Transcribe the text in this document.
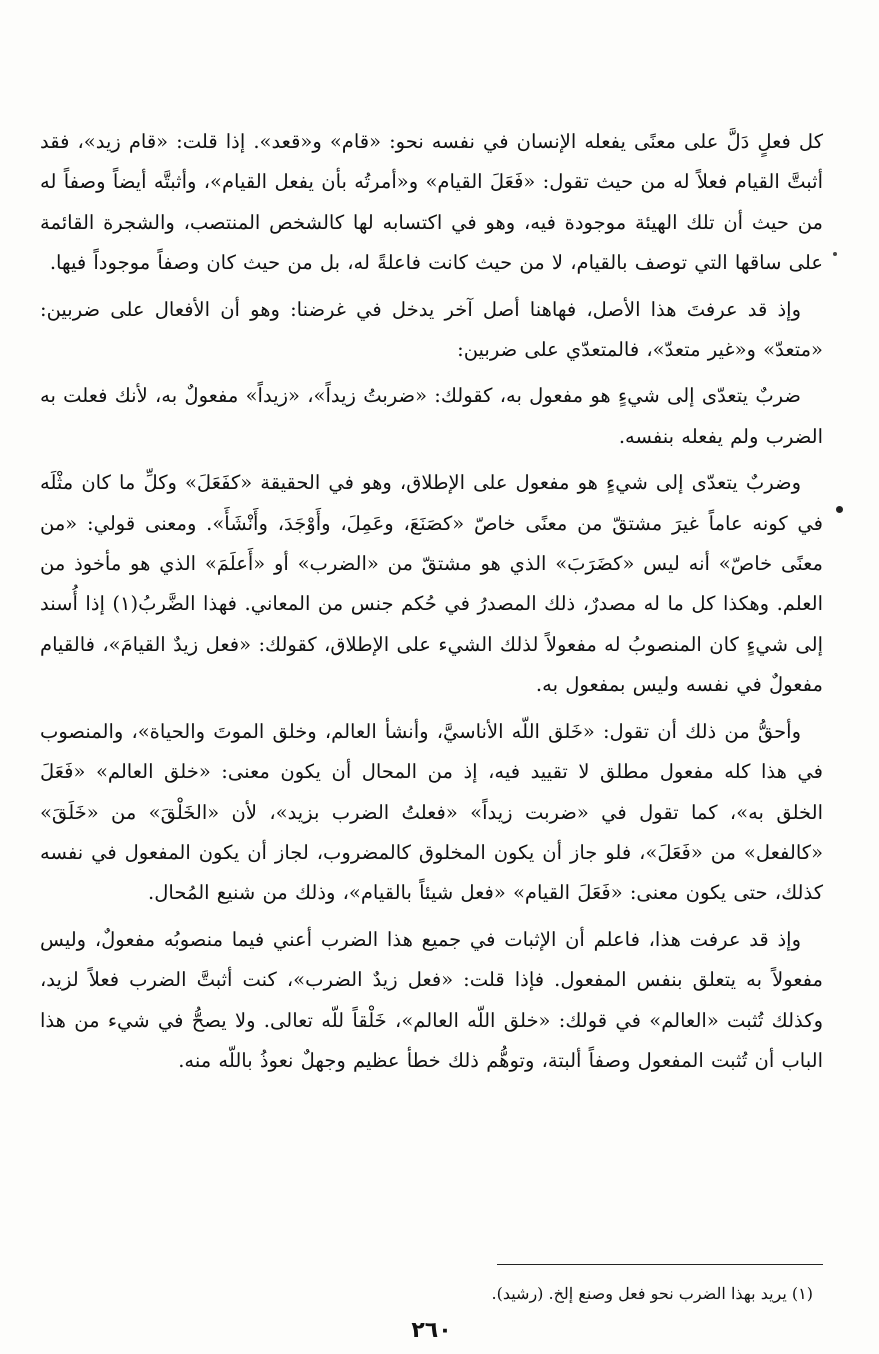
كل فعلٍ دَلَّ على معنًى يفعله الإنسان في نفسه نحو: «قام» و«قعد». إذا قلت: «قام زيد»، فقد أثبتَّ القيام فعلاً له من حيث تقول: «فَعَلَ القيام» و«أمرتُه بأن يفعل القيام»، وأثبتَّه أيضاً وصفاً له من حيث أن تلك الهيئة موجودة فيه، وهو في اكتسابه لها كالشخص المنتصب، والشجرة القائمة على ساقها التي توصف بالقيام، لا من حيث كانت فاعلةً له، بل من حيث كان وصفاً موجوداً فيها.

وإذ قد عرفتَ هذا الأصل، فهاهنا أصل آخر يدخل في غرضنا: وهو أن الأفعال على ضربين: «متعدّ» و«غير متعدّ»، فالمتعدّي على ضربين:

ضربٌ يتعدّى إلى شيءٍ هو مفعول به، كقولك: «ضربتُ زيداً»، «زيداً» مفعولٌ به، لأنك فعلت به الضرب ولم يفعله بنفسه.

وضربٌ يتعدّى إلى شيءٍ هو مفعول على الإطلاق، وهو في الحقيقة «كفَعَلَ» وكلِّ ما كان مثْلَه في كونه عاماً غيرَ مشتقّ من معنًى خاصّ «كصَنَعَ، وعَمِلَ، وأَوْجَدَ، وأَنْشَأَ». ومعنى قولي: «من معنًى خاصّ» أنه ليس «كضَرَبَ» الذي هو مشتقّ من «الضرب» أو «أَعلَمَ» الذي هو مأخوذ من العلم. وهكذا كل ما له مصدرٌ، ذلك المصدرُ في حُكم جنس من المعاني. فهذا الضَّربُ(١) إذا أُسند إلى شيءٍ كان المنصوبُ له مفعولاً لذلك الشيء على الإطلاق، كقولك: «فعل زيدٌ القيامَ»، فالقيام مفعولٌ في نفسه وليس بمفعول به.

وأحقُّ من ذلك أن تقول: «خَلق اللّه الأناسيَّ، وأنشأ العالم، وخلق الموتَ والحياة»، والمنصوب في هذا كله مفعول مطلق لا تقييد فيه، إذ من المحال أن يكون معنى: «خلق العالم» «فَعَلَ الخلق به»، كما تقول في «ضربت زيداً» «فعلتُ الضرب بزيد»، لأن «الخَلْقَ» من «خَلَقَ» «كالفعل» من «فَعَلَ»، فلو جاز أن يكون المخلوق كالمضروب، لجاز أن يكون المفعول في نفسه كذلك، حتى يكون معنى: «فَعَلَ القيام» «فعل شيئاً بالقيام»، وذلك من شنيع المُحال.

وإذ قد عرفت هذا، فاعلم أن الإثبات في جميع هذا الضرب أعني فيما منصوبُه مفعولٌ، وليس مفعولاً به يتعلق بنفس المفعول. فإذا قلت: «فعل زيدٌ الضرب»، كنت أثبتَّ الضرب فعلاً لزيد، وكذلك تُثبت «العالم» في قولك: «خلق اللّه العالم»، خَلْقاً للّه تعالى. ولا يصحُّ في شيء من هذا الباب أن تُثبت المفعول وصفاً ألبتة، وتوهُّم ذلك خطأ عظيم وجهلٌ نعوذُ باللّه منه.

(١) يريد بهذا الضرب نحو فعل وصنع إلخ. (رشيد).
٢٦٠
